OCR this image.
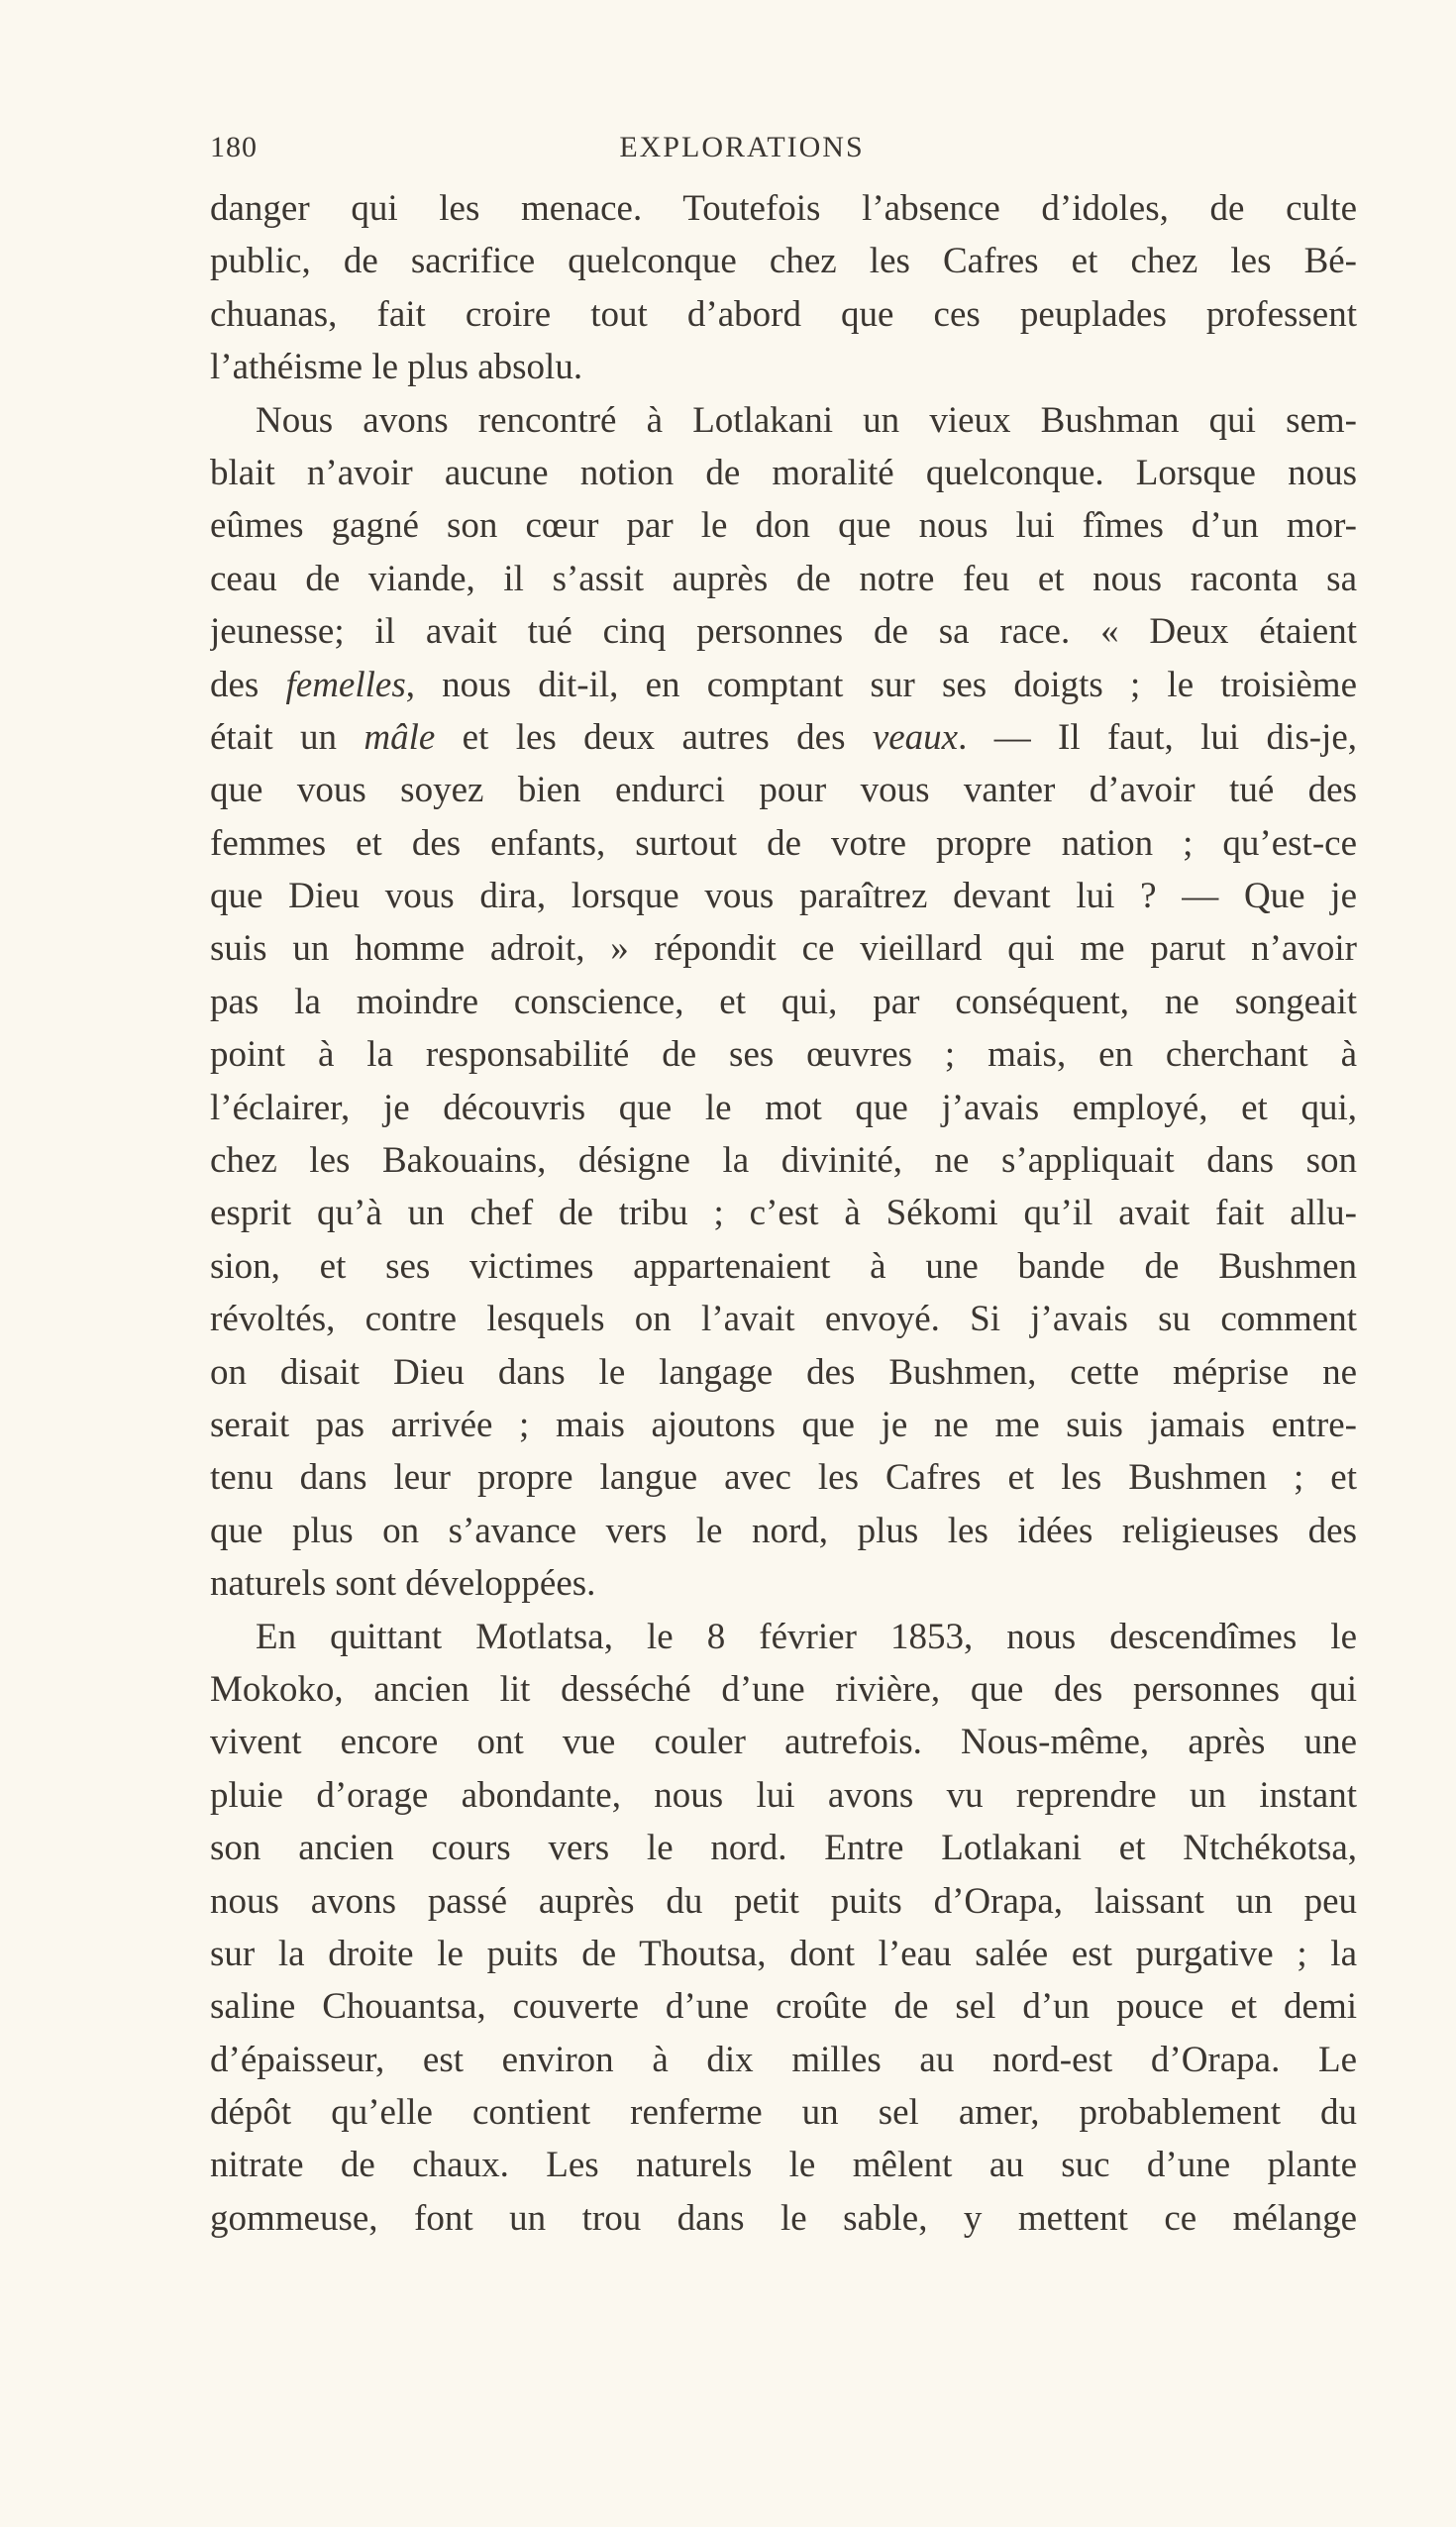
180	EXPLORATIONS
danger qui les menace. Toutefois l’absence d’idoles, de culte
public, de sacrifice quelconque chez les Cafres et chez les Bé-
chuanas, fait croire tout d’abord que ces peuplades professent
l’athéisme le plus absolu.
Nous avons rencontré à Lotlakani un vieux Bushman qui sem-
blait n’avoir aucune notion de moralité quelconque. Lorsque nous
eûmes gagné son cœur par le don que nous lui fîmes d’un mor-
ceau de viande, il s’assit auprès de notre feu et nous raconta sa
jeunesse; il avait tué cinq personnes de sa race. « Deux étaient
des femelles, nous dit-il, en comptant sur ses doigts ; le troisième
était un mâle et les deux autres des veaux. — Il faut, lui dis-je,
que vous soyez bien endurci pour vous vanter d’avoir tué des
femmes et des enfants, surtout de votre propre nation ; qu’est-ce
que Dieu vous dira, lorsque vous paraîtrez devant lui ? — Que je
suis un homme adroit, » répondit ce vieillard qui me parut n’avoir
pas la moindre conscience, et qui, par conséquent, ne songeait
point à la responsabilité de ses œuvres ; mais, en cherchant à
l’éclairer, je découvris que le mot que j’avais employé, et qui,
chez les Bakouains, désigne la divinité, ne s’appliquait dans son
esprit qu’à un chef de tribu ; c’est à Sékomi qu’il avait fait allu-
sion, et ses victimes appartenaient à une bande de Bushmen
révoltés, contre lesquels on l’avait envoyé. Si j’avais su comment
on disait Dieu dans le langage des Bushmen, cette méprise ne
serait pas arrivée ; mais ajoutons que je ne me suis jamais entre-
tenu dans leur propre langue avec les Cafres et les Bushmen ; et
que plus on s’avance vers le nord, plus les idées religieuses des
naturels sont développées.
En quittant Motlatsa, le 8 février 1853, nous descendîmes le
Mokoko, ancien lit desséché d’une rivière, que des personnes qui
vivent encore ont vue couler autrefois. Nous-même, après une
pluie d’orage abondante, nous lui avons vu reprendre un instant
son ancien cours vers le nord. Entre Lotlakani et Ntchékotsa,
nous avons passé auprès du petit puits d’Orapa, laissant un peu
sur la droite le puits de Thoutsa, dont l’eau salée est purgative ; la
saline Chouantsa, couverte d’une croûte de sel d’un pouce et demi
d’épaisseur, est environ à dix milles au nord-est d’Orapa. Le
dépôt qu’elle contient renferme un sel amer, probablement du
nitrate de chaux. Les naturels le mêlent au suc d’une plante
gommeuse, font un trou dans le sable, y mettent ce mélange
